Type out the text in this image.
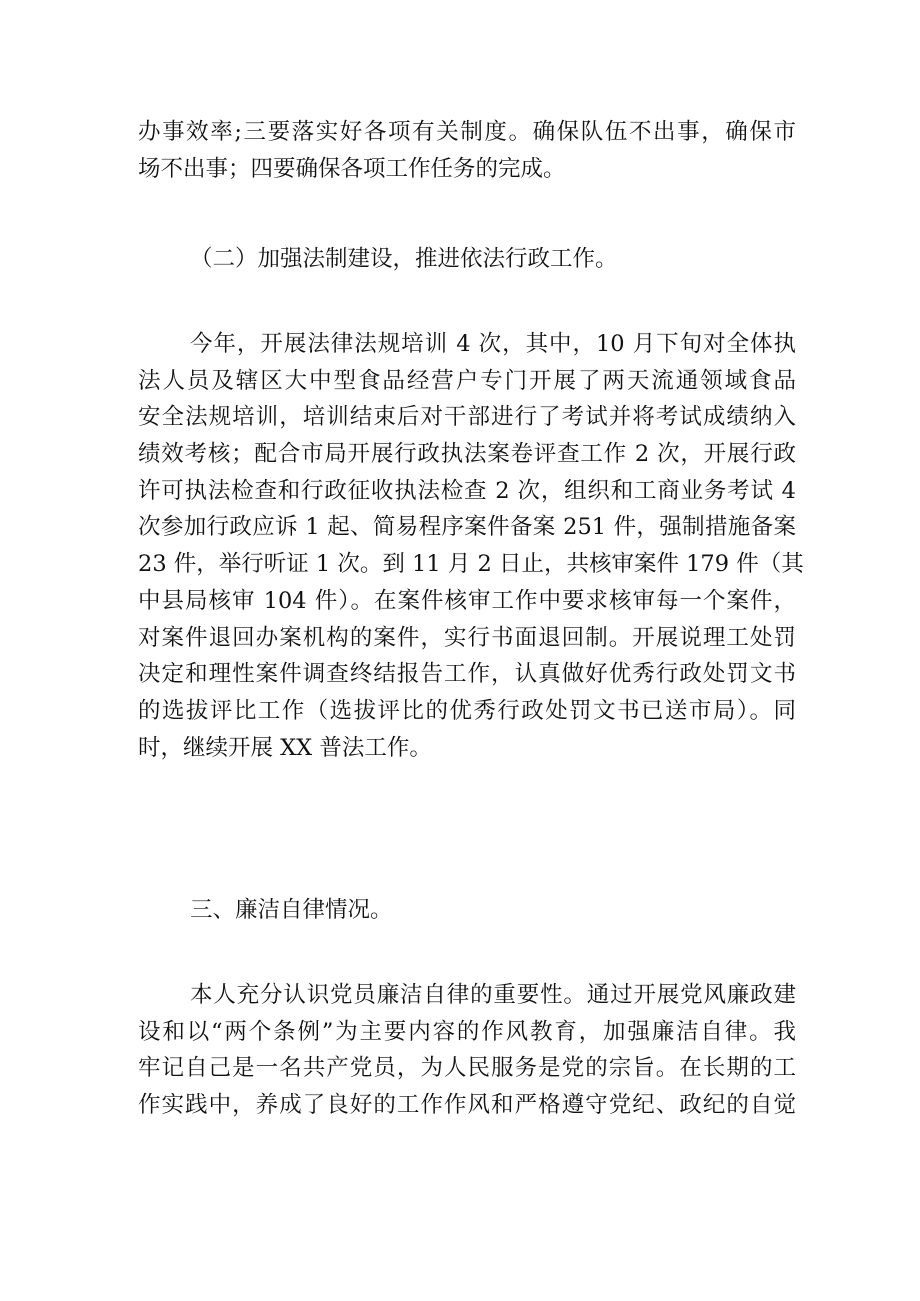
办事效率;三要落实好各项有关制度。确保队伍不出事，确保市
场不出事；四要确保各项工作任务的完成。
（二）加强法制建设，推进依法行政工作。
今年，开展法律法规培训 4 次，其中，10 月下旬对全体执
法人员及辖区大中型食品经营户专门开展了两天流通领域食品
安全法规培训，培训结束后对干部进行了考试并将考试成绩纳入
绩效考核；配合市局开展行政执法案卷评查工作 2 次，开展行政
许可执法检查和行政征收执法检查 2 次，组织和工商业务考试 4
次参加行政应诉 1 起、简易程序案件备案 251 件，强制措施备案
23 件，举行听证 1 次。到 11 月 2 日止，共核审案件 179 件（其
中县局核审 104 件）。在案件核审工作中要求核审每一个案件，
对案件退回办案机构的案件，实行书面退回制。开展说理工处罚
决定和理性案件调查终结报告工作，认真做好优秀行政处罚文书
的选拔评比工作（选拔评比的优秀行政处罚文书已送市局）。同
时，继续开展 XX 普法工作。
三、廉洁自律情况。
本人充分认识党员廉洁自律的重要性。通过开展党风廉政建
设和以“两个条例”为主要内容的作风教育，加强廉洁自律。我
牢记自己是一名共产党员，为人民服务是党的宗旨。在长期的工
作实践中，养成了良好的工作作风和严格遵守党纪、政纪的自觉
